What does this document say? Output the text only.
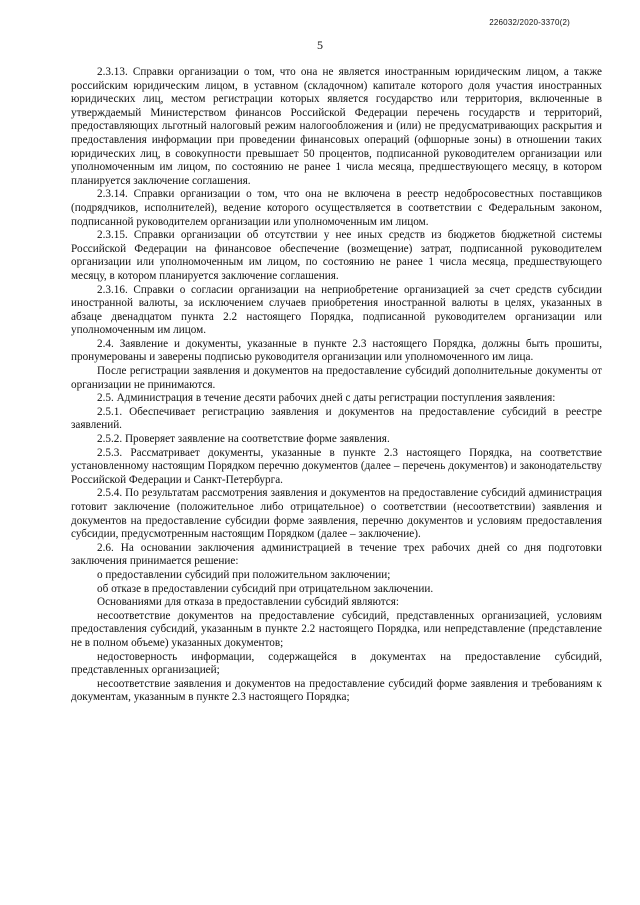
226032/2020-3370(2)
5

2.3.13. Справки организации о том, что она не является иностранным юридическим лицом, а также российским юридическим лицом, в уставном (складочном) капитале которого доля участия иностранных юридических лиц, местом регистрации которых является государство или территория, включенные в утверждаемый Министерством финансов Российской Федерации перечень государств и территорий, предоставляющих льготный налоговый режим налогообложения и (или) не предусматривающих раскрытия и предоставления информации при проведении финансовых операций (офшорные зоны) в отношении таких юридических лиц, в совокупности превышает 50 процентов, подписанной руководителем организации или уполномоченным им лицом, по состоянию не ранее 1 числа месяца, предшествующего месяцу, в котором планируется заключение соглашения.

2.3.14. Справки организации о том, что она не включена в реестр недобросовестных поставщиков (подрядчиков, исполнителей), ведение которого осуществляется в соответствии с Федеральным законом, подписанной руководителем организации или уполномоченным им лицом.

2.3.15. Справки организации об отсутствии у нее иных средств из бюджетов бюджетной системы Российской Федерации на финансовое обеспечение (возмещение) затрат, подписанной руководителем организации или уполномоченным им лицом, по состоянию не ранее 1 числа месяца, предшествующего месяцу, в котором планируется заключение соглашения.

2.3.16. Справки о согласии организации на неприобретение организацией за счет средств субсидии иностранной валюты, за исключением случаев приобретения иностранной валюты в целях, указанных в абзаце двенадцатом пункта 2.2 настоящего Порядка, подписанной руководителем организации или уполномоченным им лицом.

2.4. Заявление и документы, указанные в пункте 2.3 настоящего Порядка, должны быть прошиты, пронумерованы и заверены подписью руководителя организации или уполномоченного им лица.

После регистрации заявления и документов на предоставление субсидий дополнительные документы от организации не принимаются.

2.5. Администрация в течение десяти рабочих дней с даты регистрации поступления заявления:

2.5.1. Обеспечивает регистрацию заявления и документов на предоставление субсидий в реестре заявлений.

2.5.2. Проверяет заявление на соответствие форме заявления.

2.5.3. Рассматривает документы, указанные в пункте 2.3 настоящего Порядка, на соответствие установленному настоящим Порядком перечню документов (далее – перечень документов) и законодательству Российской Федерации и Санкт-Петербурга.

2.5.4. По результатам рассмотрения заявления и документов на предоставление субсидий администрация готовит заключение (положительное либо отрицательное) о соответствии (несоответствии) заявления и документов на предоставление субсидии форме заявления, перечню документов и условиям предоставления субсидии, предусмотренным настоящим Порядком (далее – заключение).

2.6. На основании заключения администрацией в течение трех рабочих дней со дня подготовки заключения принимается решение:

о предоставлении субсидий при положительном заключении;

об отказе в предоставлении субсидий при отрицательном заключении.

Основаниями для отказа в предоставлении субсидий являются:

несоответствие документов на предоставление субсидий, представленных организацией, условиям предоставления субсидий, указанным в пункте 2.2 настоящего Порядка, или непредставление (представление не в полном объеме) указанных документов;

недостоверность информации, содержащейся в документах на предоставление субсидий, представленных организацией;

несоответствие заявления и документов на предоставление субсидий форме заявления и требованиям к документам, указанным в пункте 2.3 настоящего Порядка;
